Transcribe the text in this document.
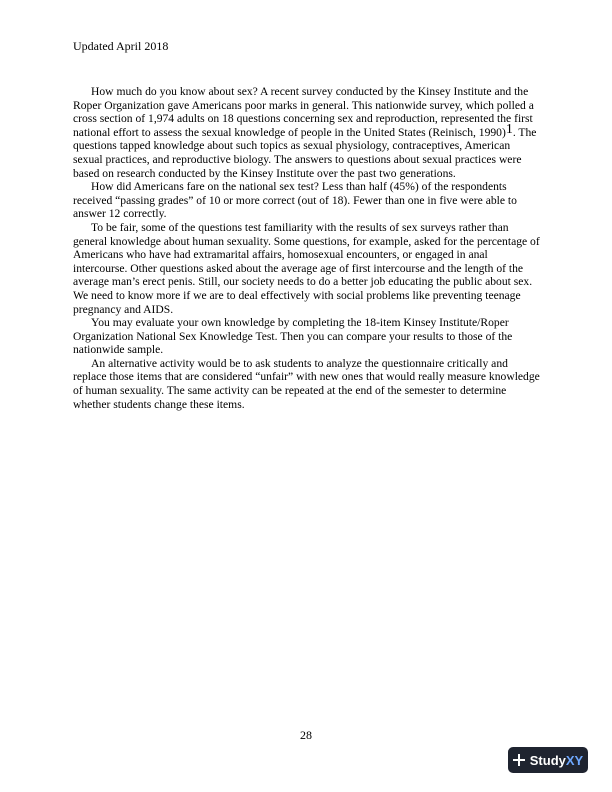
Updated April 2018

How much do you know about sex? A recent survey conducted by the Kinsey Institute and the Roper Organization gave Americans poor marks in general. This nationwide survey, which polled a cross section of 1,974 adults on 18 questions concerning sex and reproduction, represented the first national effort to assess the sexual knowledge of people in the United States (Reinisch, 1990)1. The questions tapped knowledge about such topics as sexual physiology, contraceptives, American sexual practices, and reproductive biology. The answers to questions about sexual practices were based on research conducted by the Kinsey Institute over the past two generations.

How did Americans fare on the national sex test? Less than half (45%) of the respondents received “passing grades” of 10 or more correct (out of 18). Fewer than one in five were able to answer 12 correctly.

To be fair, some of the questions test familiarity with the results of sex surveys rather than general knowledge about human sexuality. Some questions, for example, asked for the percentage of Americans who have had extramarital affairs, homosexual encounters, or engaged in anal intercourse. Other questions asked about the average age of first intercourse and the length of the average man’s erect penis. Still, our society needs to do a better job educating the public about sex. We need to know more if we are to deal effectively with social problems like preventing teenage pregnancy and AIDS.

You may evaluate your own knowledge by completing the 18-item Kinsey Institute/Roper Organization National Sex Knowledge Test. Then you can compare your results to those of the nationwide sample.

An alternative activity would be to ask students to analyze the questionnaire critically and replace those items that are considered “unfair” with new ones that would really measure knowledge of human sexuality. The same activity can be repeated at the end of the semester to determine whether students change these items.

28
StudyXY
